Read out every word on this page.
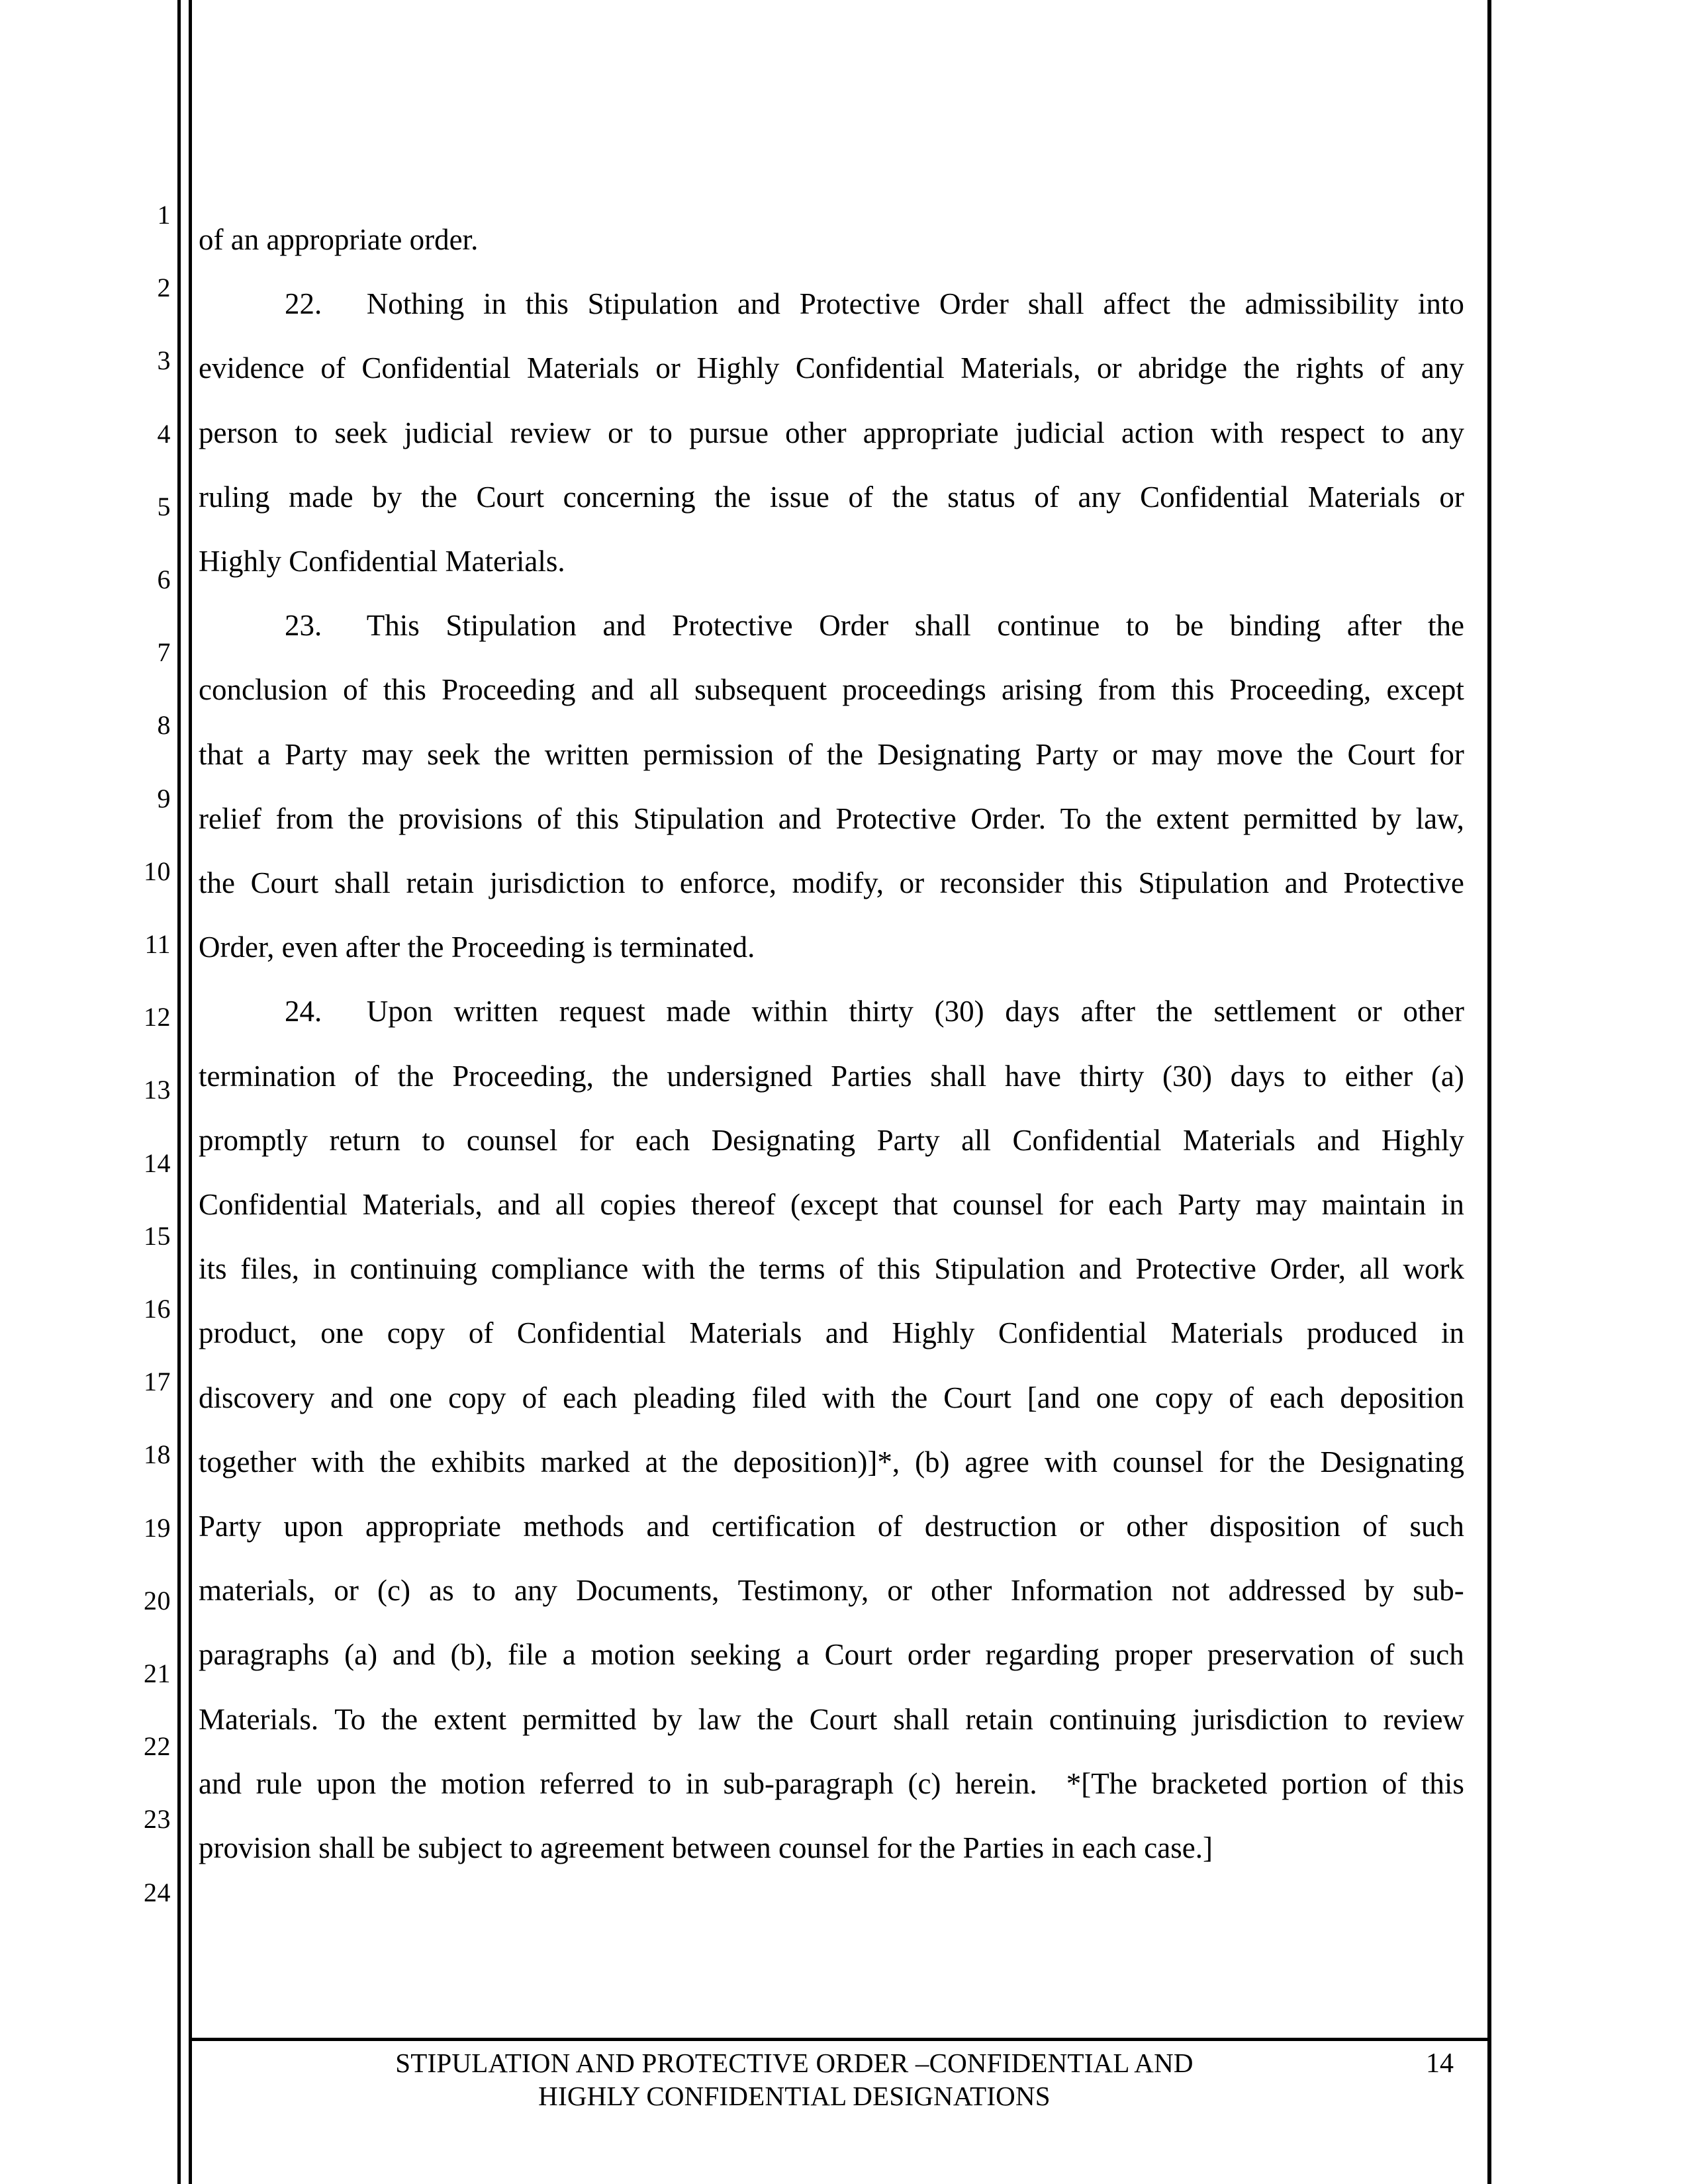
1
2
3
4
5
6
7
8
9
10
11
12
13
14
15
16
17
18
19
20
21
22
23
24
of an appropriate order.
22.  Nothing in this Stipulation and Protective Order shall affect the admissibility into
evidence of Confidential Materials or Highly Confidential Materials, or abridge the rights of any
person to seek judicial review or to pursue other appropriate judicial action with respect to any
ruling made by the Court concerning the issue of the status of any Confidential Materials or
Highly Confidential Materials.
23.  This Stipulation and Protective Order shall continue to be binding after the
conclusion of this Proceeding and all subsequent proceedings arising from this Proceeding, except
that a Party may seek the written permission of the Designating Party or may move the Court for
relief from the provisions of this Stipulation and Protective Order. To the extent permitted by law,
the Court shall retain jurisdiction to enforce, modify, or reconsider this Stipulation and Protective
Order, even after the Proceeding is terminated.
24.  Upon written request made within thirty (30) days after the settlement or other
termination of the Proceeding, the undersigned Parties shall have thirty (30) days to either (a)
promptly return to counsel for each Designating Party all Confidential Materials and Highly
Confidential Materials, and all copies thereof (except that counsel for each Party may maintain in
its files, in continuing compliance with the terms of this Stipulation and Protective Order, all work
product, one copy of Confidential Materials and Highly Confidential Materials produced in
discovery and one copy of each pleading filed with the Court [and one copy of each deposition
together with the exhibits marked at the deposition)]*, (b) agree with counsel for the Designating
Party upon appropriate methods and certification of destruction or other disposition of such
materials, or (c) as to any Documents, Testimony, or other Information not addressed by sub-
paragraphs (a) and (b), file a motion seeking a Court order regarding proper preservation of such
Materials. To the extent permitted by law the Court shall retain continuing jurisdiction to review
and rule upon the motion referred to in sub-paragraph (c) herein.  *[The bracketed portion of this
provision shall be subject to agreement between counsel for the Parties in each case.]
STIPULATION AND PROTECTIVE ORDER –CONFIDENTIAL AND
HIGHLY CONFIDENTIAL DESIGNATIONS
14
